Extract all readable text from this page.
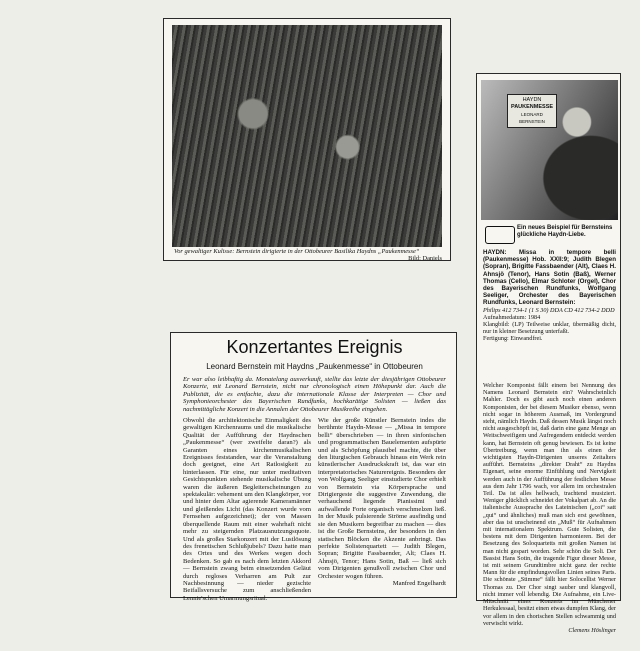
Vor gewaltiger Kulisse: Bernstein dirigierte in der Ottobeurer Basilika Haydns „Paukenmesse“
Bild: Daniels
Konzertantes Ereignis
Leonard Bernstein mit Haydns „Paukenmesse“ in Ottobeuren
Er war also leibhaftig da. Monatelang ausverkauft, stellte das letzte der diesjährigen Ottobeurer Konzerte, mit Leonard Bernstein, nicht nur chronologisch einen Höhepunkt dar. Auch die Publizität, die es entfachte, dazu die internationale Klasse der Interpreten — Chor und Symphonieorchester des Bayerischen Rundfunks, hochkarätige Solisten — ließen das nachmittägliche Konzert in die Annalen der Ottobeurer Musikreihe eingehen.
Obwohl die architektonische Einmaligkeit des gewaltigen Kirchenraums und die musikalische Qualität der Aufführung der Haydnschen „Paukenmesse“ (wer zweifelte daran?) als Garanten eines kirchenmusikalischen Ereignisses feststanden, war die Veranstaltung doch geeignet, eine Art Ratlosigkeit zu hinterlassen. Für eine, nur unter meditativen Gesichtspunkten stehende musikalische Übung waren die äußeren Begleiterscheinungen zu spektakulär: vehement um den Klangkörper, vor und hinter dem Altar agierende Kameramänner und gleißendes Licht (das Konzert wurde vom Fernsehen aufgezeichnet); der von Massen überquellende Raum mit einer wahrhaft nicht mehr zu steigernden Platzausnutzungsquote. Und als großes Starkonzert mit der Lustlösung des frenetischen Schlußjubels? Dazu hatte man des Ortes und des Werkes wegen doch Bedenken. So gab es nach dem letzten Akkord — Bernstein zwang beim einsetzenden Geläut durch regloses Verharren am Pult zur Nachbesinnung — nieder gezischte Beifallsversuche zum anschließenden Lennie'schen Umarmungsritual.
Wie der große Künstler Bernstein indes die berühmte Haydn-Messe — „Missa in tempore belli“ überschrieben — in ihren sinfonischen und programmatischen Bauelementen aufspürte und als Schöpfung plausibel machte, die über den liturgischen Gebrauch hinaus ein Werk rein künstlerischer Ausdruckskraft ist, das war ein interpretatorisches Naturereignis. Besonders der von Wolfgang Seeliger einstudierte Chor erhielt von Bernstein via Körpersprache und Dirigiergeste die suggestive Zuwendung, die verhauchend liegende Pianissimi und aufwallende Forte organisch verschmelzen ließ. In der Musik pulsierende Ströme ausfindig und sie den Musikern begreifbar zu machen — dies ist die Große Bernsteins, der besonders in den statischen Blöcken die Akzente anbringt. Das perfekte Solistenquartett — Judith Blegen, Sopran; Brigitte Fassbaender, Alt; Claes H. Ahnsjö, Tenor; Hans Sotin, Baß — ließ sich vom Dirigenten genußvoll zwischen Chor und Orchester wogen führen.
Manfred Engelhardt
HAYDN
PAUKENMESSE
LEONARD BERNSTEIN
Ein neues Beispiel für Bernsteins glückliche Haydn-Liebe.
HAYDN: Missa in tempore belli (Paukenmesse) Hob. XXII:9; Judith Blegen (Sopran), Brigitte Fassbaender (Alt), Claes H. Ahnsjö (Tenor), Hans Sotin (Baß), Werner Thomas (Cello), Elmar Schloter (Orgel), Chor des Bayerischen Rundfunks, Wolfgang Seeliger, Orchester des Bayerischen Rundfunks, Leonard Bernstein:
Philips 412 734-1 (1 S 30) DDA CD 412 734-2 DDD
Aufnahmedatum: 1984
Klangbild: (LP) Teilweise unklar, übermäßig dicht, nur in kleiner Besetzung unterfaßt.
Fertigung: Einwandfrei.
Welcher Komponist fällt einem bei Nennung des Namens Leonard Bernstein ein? Wahrscheinlich Mahler. Doch es gibt auch noch einen anderen Komponisten, der bei diesem Musiker ebenso, wenn nicht sogar in höherem Ausmaß, im Vordergrund steht, nämlich Haydn. Daß dessen Musik längst noch nicht ausgeschöpft ist, daß darin eine ganz Menge an Weitschweifigem und Aufregendem entdeckt werden kann, hat Bernstein oft genug bewiesen. Es ist keine Übertreibung, wenn man ihn als einen der wichtigsten Haydn-Dirigenten unseres Zeitalters aufführt. Bernsteins „direkter Draht“ zu Haydns Eigenart, seine enorme Einfühlung und Nervigkeit werden auch in der Aufführung der festlichen Messe aus dem Jahr 1796 wach, vor allem im orchestralen Teil. Da ist alles hellwach, trachtend musiziert. Weniger glücklich schneidet der Vokalpart ab. An die italienische Aussprache des Lateinischen („coi“ satt „qui“ und ähnliches) muß man sich erst gewöhnen, aber das ist unscheinend ein „Muß“ für Aufnahmen mit internationalem Spektrum. Gute Solisten, die bestens mit dem Dirigenten harmonieren. Bei der Besetzung des Soloquartetts mit großen Namen ist man nicht gespart worden. Sehr schön die Soli. Der Bassist Hans Sotin, die tragende Figur dieser Messe, ist mit seinem Grundtimbre nicht ganz der rechte Mann für die empfindungsvollen Linien seines Parts. Die schönste „Stimme“ fällt hier Solocellist Werner Thomas zu. Der Chor singt sauber und klangvoll, nicht immer voll lebendig. Die Aufnahme, ein Live-Mitschnitt eines Konzerts im Münchener Herkulessaal, besitzt einen etwas dumpfen Klang, der vor allem in den chorischen Stellen schwammig und verwischt wirkt.
Clemens Höslinger
